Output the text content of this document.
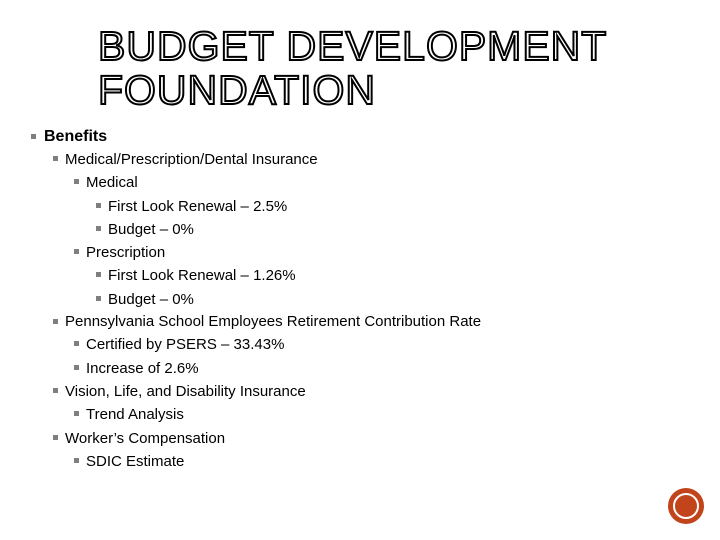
BUDGET DEVELOPMENT
FOUNDATION
Benefits
Medical/Prescription/Dental Insurance
Medical
First Look Renewal – 2.5%
Budget – 0%
Prescription
First Look Renewal – 1.26%
Budget – 0%
Pennsylvania School Employees Retirement Contribution Rate
Certified by PSERS – 33.43%
Increase of 2.6%
Vision, Life, and Disability Insurance
Trend Analysis
Worker’s Compensation
SDIC Estimate
